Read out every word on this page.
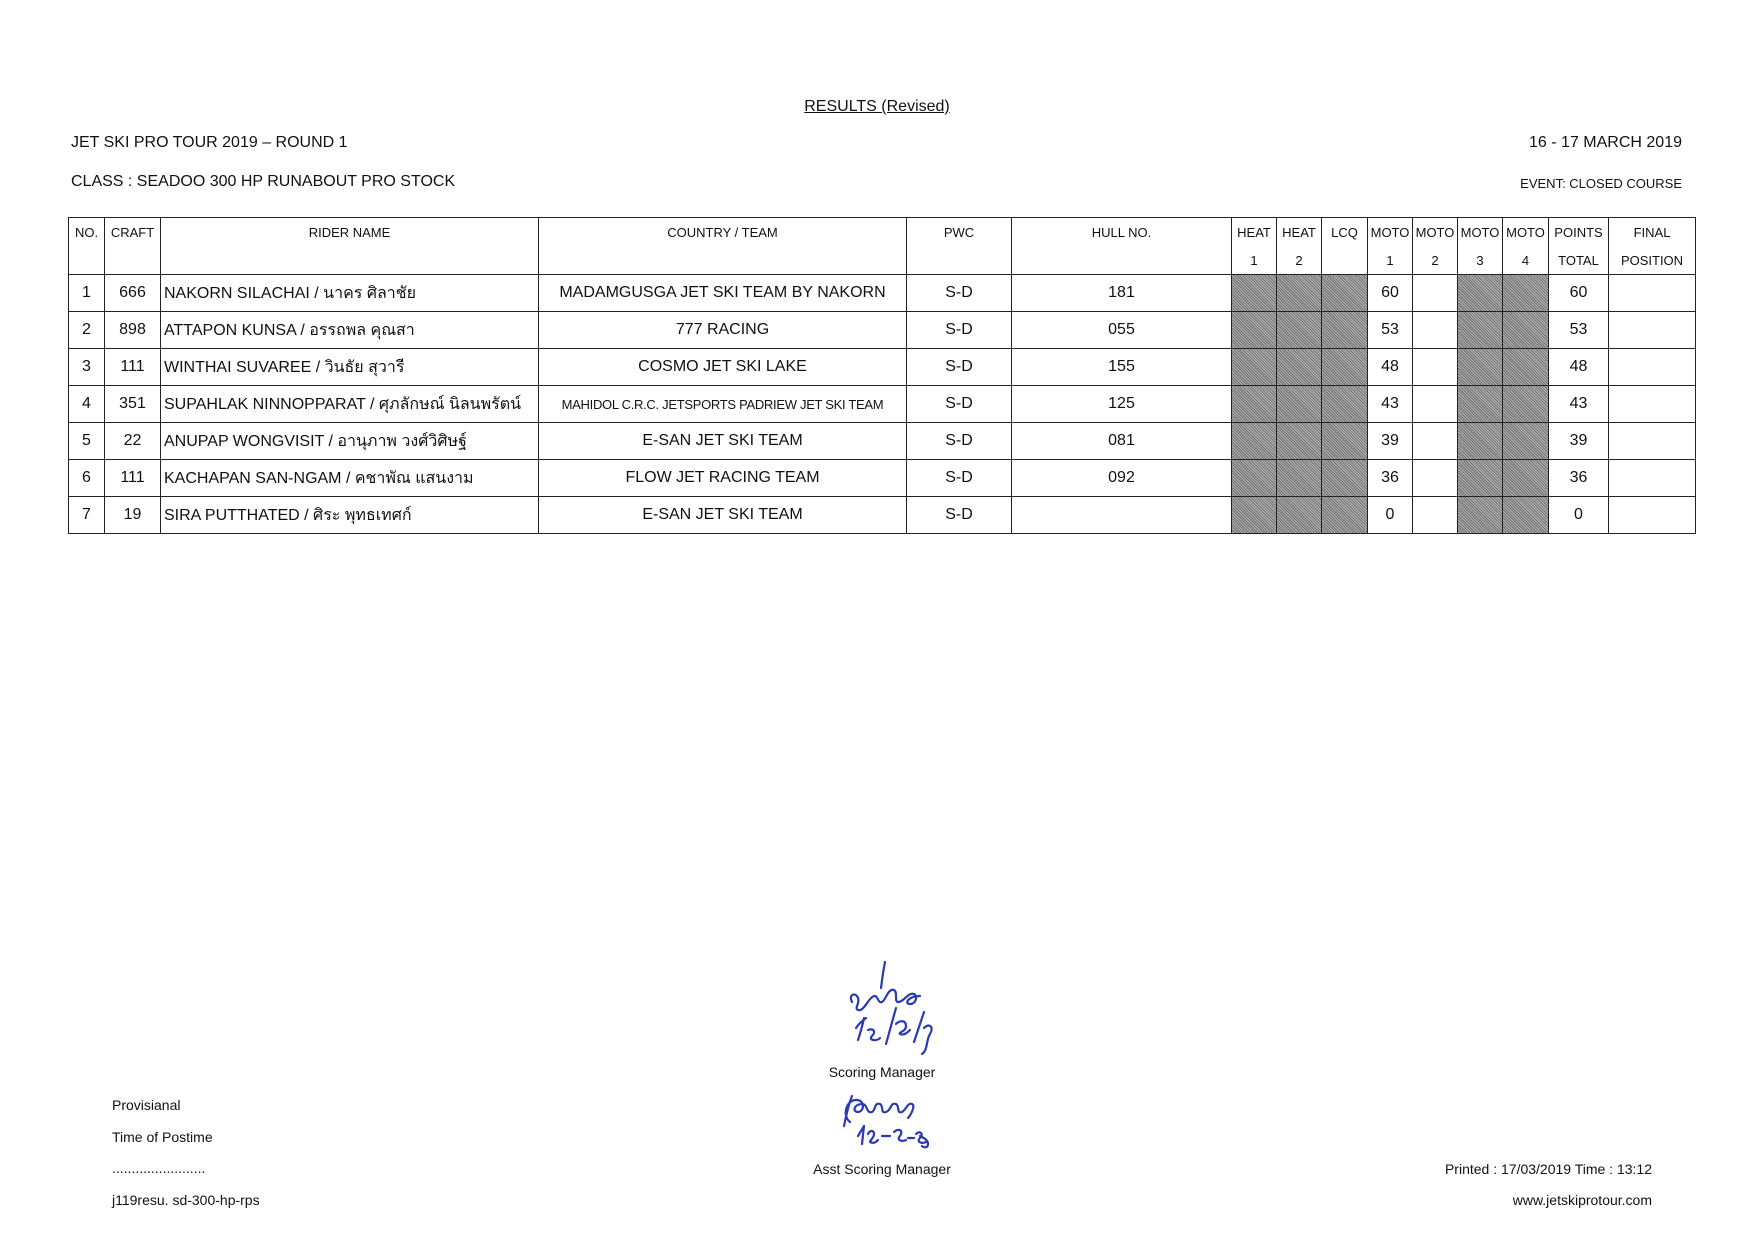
RESULTS (Revised)
JET SKI PRO TOUR 2019 – ROUND 1	16 - 17 MARCH 2019
CLASS : SEADOO 300 HP RUNABOUT PRO STOCK	EVENT: CLOSED COURSE
NO.	CRAFT	RIDER NAME	COUNTRY / TEAM	PWC	HULL NO.	HEAT	HEAT	LCQ	MOTO	MOTO	MOTO	MOTO	POINTS	FINAL
						1	2		1	2	3	4	TOTAL	POSITION
1	666	NAKORN SILACHAI / นาคร ศิลาชัย	MADAMGUSGA JET SKI TEAM BY NAKORN	S-D	181				60				60	
2	898	ATTAPON KUNSA / อรรถพล คุณสา	777 RACING	S-D	055				53				53	
3	111	WINTHAI SUVAREE / วินธัย สุวารี	COSMO JET SKI LAKE	S-D	155				48				48	
4	351	SUPAHLAK NINNOPPARAT / ศุภลักษณ์ นิลนพรัตน์	MAHIDOL C.R.C. JETSPORTS PADRIEW JET SKI TEAM	S-D	125				43				43	
5	22	ANUPAP WONGVISIT / อานุภาพ วงศ์วิศิษฐ์	E-SAN JET SKI TEAM	S-D	081				39				39	
6	111	KACHAPAN SAN-NGAM / คชาพัณ แสนงาม	FLOW JET RACING TEAM	S-D	092				36				36	
7	19	SIRA PUTTHATED / ศิระ พุทธเทศก์	E-SAN JET SKI TEAM	S-D					0				0	
Scoring Manager
Asst Scoring Manager
Provisianal
Time of Postime
........................
j119resu. sd-300-hp-rps
Printed : 17/03/2019 Time : 13:12
www.jetskiprotour.com
